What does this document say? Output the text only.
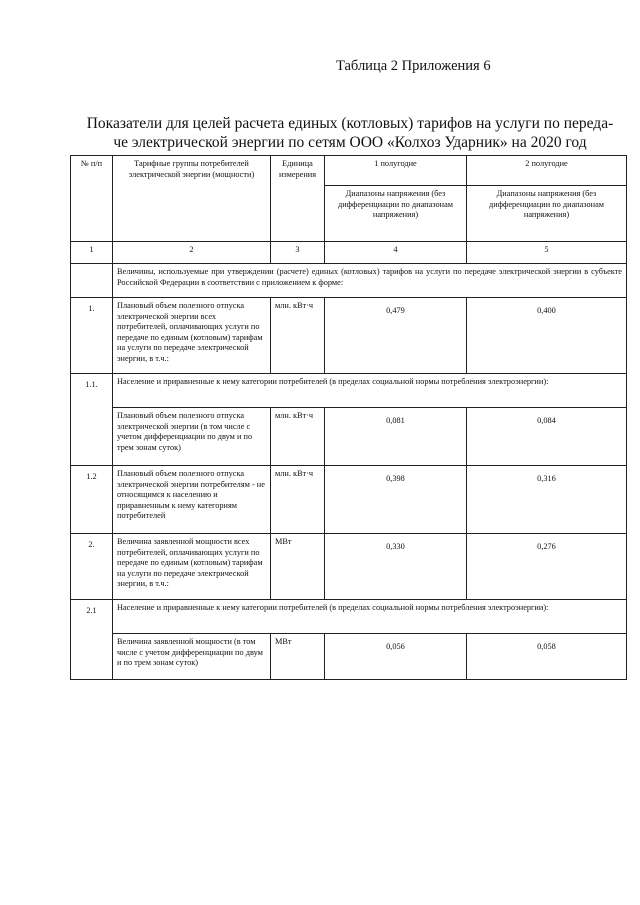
Таблица 2 Приложения 6
Показатели для целей расчета единых (котловых) тарифов на услуги по переда-
че электрической энергии по сетям ООО «Колхоз Ударник» на 2020 год
№ п/п	Тарифные группы потребителей электрической энергии (мощности)	Единица измерения	1 полугодие	2 полугодие
			Диапазоны напряжения (без дифференциации по диапазонам напряжения)	Диапазоны напряжения (без дифференциации по диапазонам напряжения)
1	2	3	4	5
	Величины, используемые при утверждении (расчете) единых (котловых) тарифов на услуги по передаче электрической энергии в субъекте Российской Федерации в соответствии с приложением к форме:			
1.	Плановый объем полезного отпуска электрической энергии всех потребителей, оплачивающих услуги по передаче по единым (котловым) тарифам на услуги по передаче электрической энергии, в т.ч.:	млн. кВт·ч	0,479	0,400
1.1.	Население и приравненные к нему категории потребителей (в пределах социальной нормы потребления электроэнергии):			
	Плановый объем полезного отпуска электрической энергии (в том числе с учетом дифференциации по двум и по трем зонам суток)	млн. кВт·ч	0,081	0,084
1.2	Плановый объем полезного отпуска электрической энергии потребителям - не относящимся к населению и приравненным к нему категориям потребителей	млн. кВт·ч	0,398	0,316
2.	Величина заявленной мощности всех потребителей, оплачивающих услуги по передаче по единым (котловым) тарифам на услуги по передаче электрической энергии, в т.ч.:	МВт	0,330	0,276
2.1	Население и приравненные к нему категории потребителей (в пределах социальной нормы потребления электроэнергии):			
	Величина заявленной мощности (в том числе с учетом дифференциации по двум и по трем зонам суток)	МВт	0,056	0,058
